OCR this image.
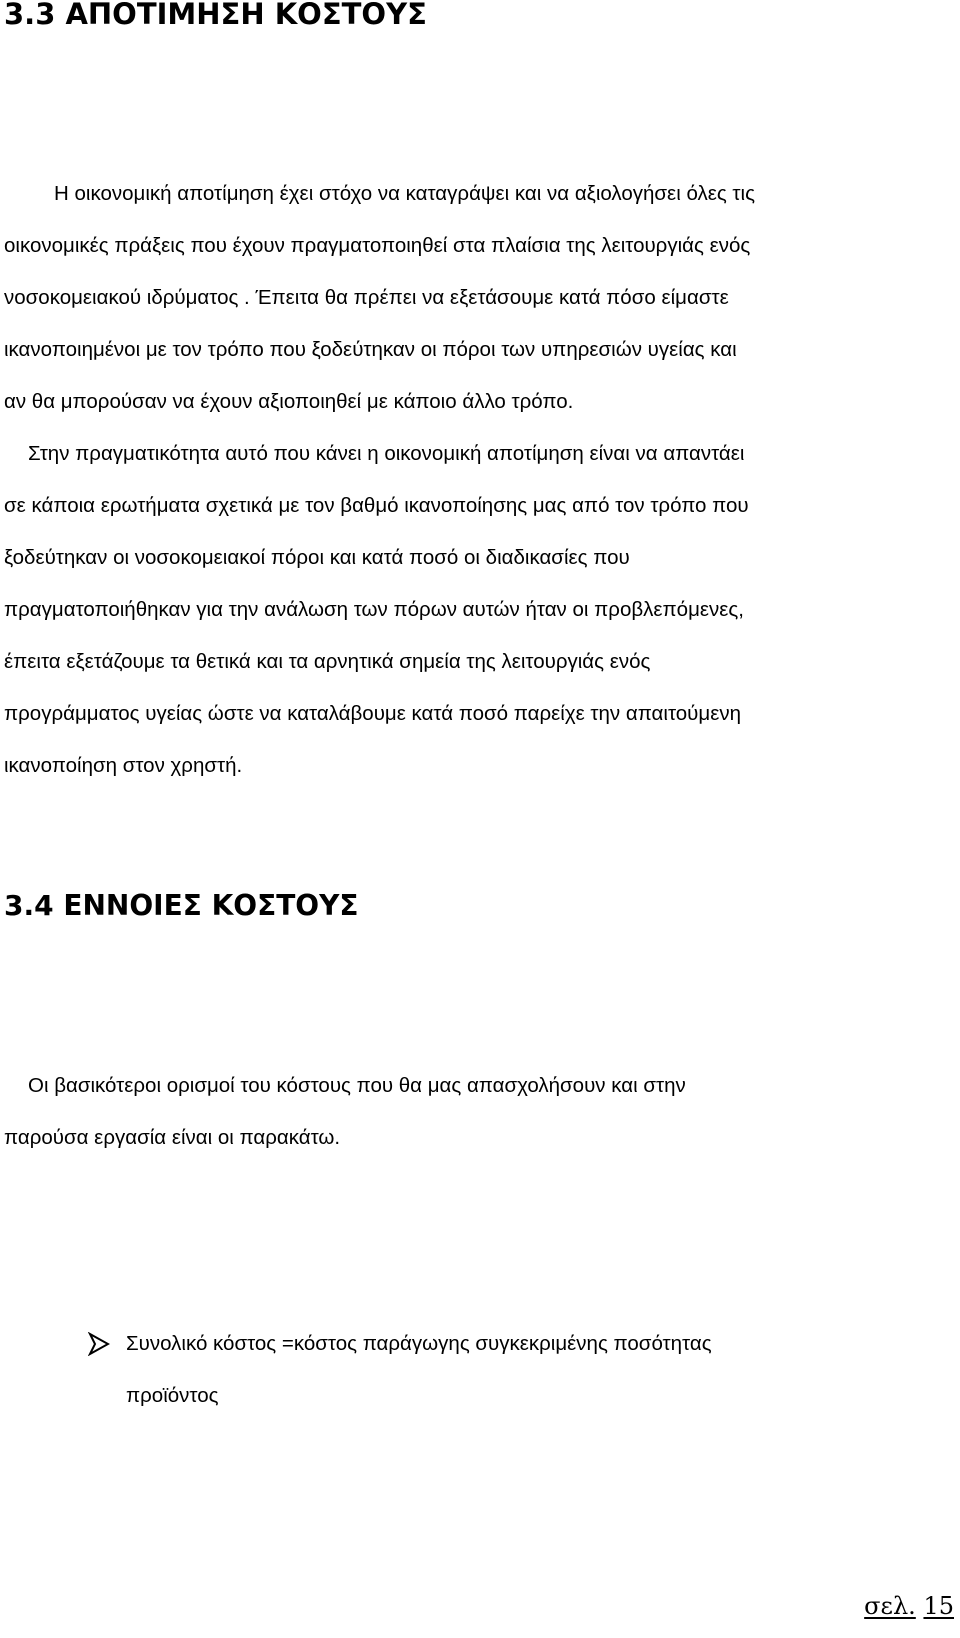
3.3 ΑΠΟΤΙΜΗΣΗ ΚΟΣΤΟΥΣ

Η οικονομική αποτίμηση έχει στόχο να καταγράψει και να αξιολογήσει όλες τις
οικονομικές πράξεις που έχουν πραγματοποιηθεί στα πλαίσια της λειτουργιάς ενός
νοσοκομειακού ιδρύματος . Έπειτα θα πρέπει να εξετάσουμε κατά πόσο είμαστε
ικανοποιημένοι με τον τρόπο που ξοδεύτηκαν οι πόροι των υπηρεσιών υγείας και
αν θα μπορούσαν να έχουν αξιοποιηθεί με κάποιο άλλο τρόπο.

Στην πραγματικότητα αυτό που κάνει η οικονομική αποτίμηση είναι να απαντάει
σε κάποια ερωτήματα σχετικά με τον βαθμό ικανοποίησης μας από τον τρόπο που
ξοδεύτηκαν οι νοσοκομειακοί πόροι και κατά ποσό οι διαδικασίες που
πραγματοποιήθηκαν για την ανάλωση των πόρων αυτών ήταν οι προβλεπόμενες,
έπειτα εξετάζουμε τα θετικά και τα αρνητικά σημεία της λειτουργιάς ενός
προγράμματος υγείας ώστε να καταλάβουμε κατά ποσό παρείχε την απαιτούμενη
ικανοποίηση στον χρηστή.

3.4 ΕΝΝΟΙΕΣ ΚΟΣΤΟΥΣ

Οι βασικότεροι ορισμοί του κόστους που θα μας απασχολήσουν και στην
παρούσα εργασία είναι οι παρακάτω.

Συνολικό κόστος =κόστος παράγωγης συγκεκριμένης ποσότητας
προϊόντος

σελ. 15
